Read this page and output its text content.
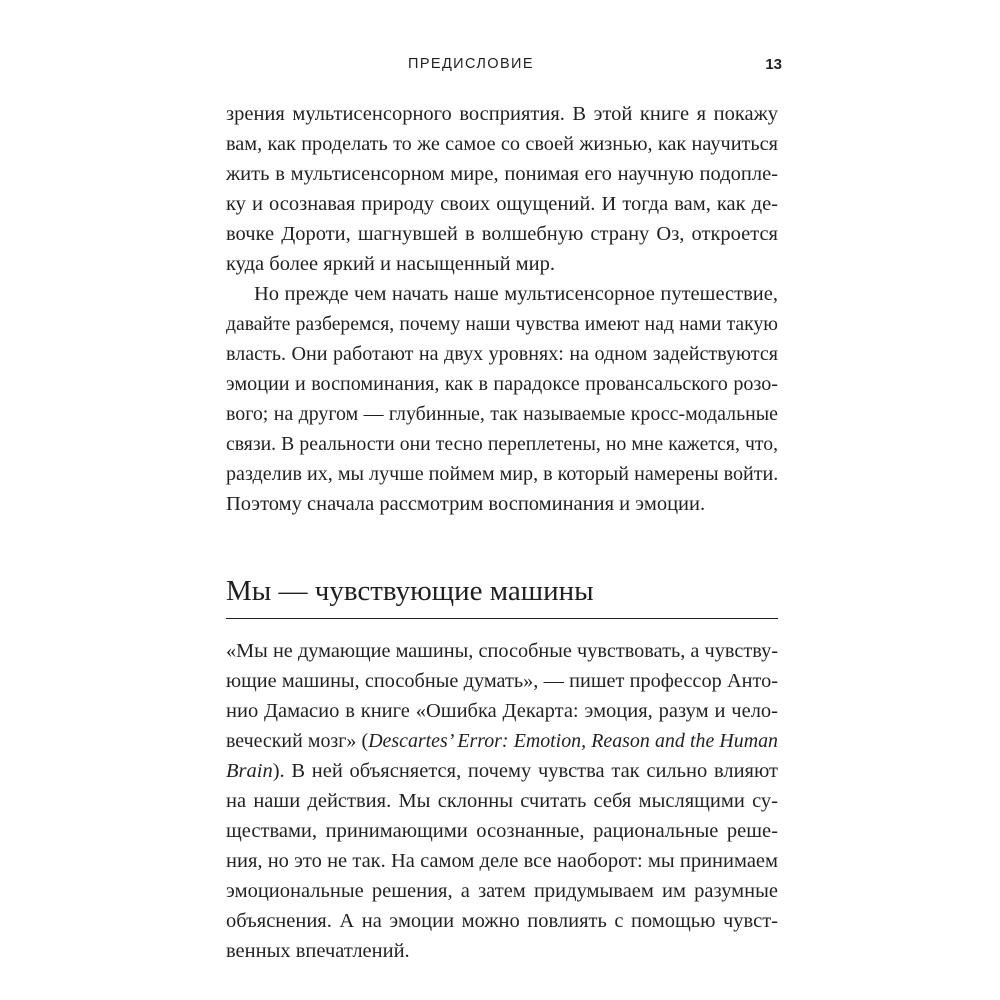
ПРЕДИСЛОВИЕ	13
зрения мультисенсорного восприятия. В этой книге я покажу
вам, как проделать то же самое со своей жизнью, как научиться
жить в мультисенсорном мире, понимая его научную подопле-
ку и осознавая природу своих ощущений. И тогда вам, как де-
вочке Дороти, шагнувшей в волшебную страну Оз, откроется
куда более яркий и насыщенный мир.
Но прежде чем начать наше мультисенсорное путешествие,
давайте разберемся, почему наши чувства имеют над нами такую
власть. Они работают на двух уровнях: на одном задействуются
эмоции и воспоминания, как в парадоксе провансальского розо-
вого; на другом — глубинные, так называемые кросс-модальные
связи. В реальности они тесно переплетены, но мне кажется, что,
разделив их, мы лучше поймем мир, в который намерены войти.
Поэтому сначала рассмотрим воспоминания и эмоции.
Мы — чувствующие машины
«Мы не думающие машины, способные чувствовать, а чувству-
ющие машины, способные думать», — пишет профессор Анто-
нио Дамасио в книге «Ошибка Декарта: эмоция, разум и чело-
веческий мозг» (Descartes’ Error: Emotion, Reason and the Human
Brain). В ней объясняется, почему чувства так сильно влияют
на наши действия. Мы склонны считать себя мыслящими су-
ществами, принимающими осознанные, рациональные реше-
ния, но это не так. На самом деле все наоборот: мы принимаем
эмоциональные решения, а затем придумываем им разумные
объяснения. А на эмоции можно повлиять с помощью чувст-
венных впечатлений.
